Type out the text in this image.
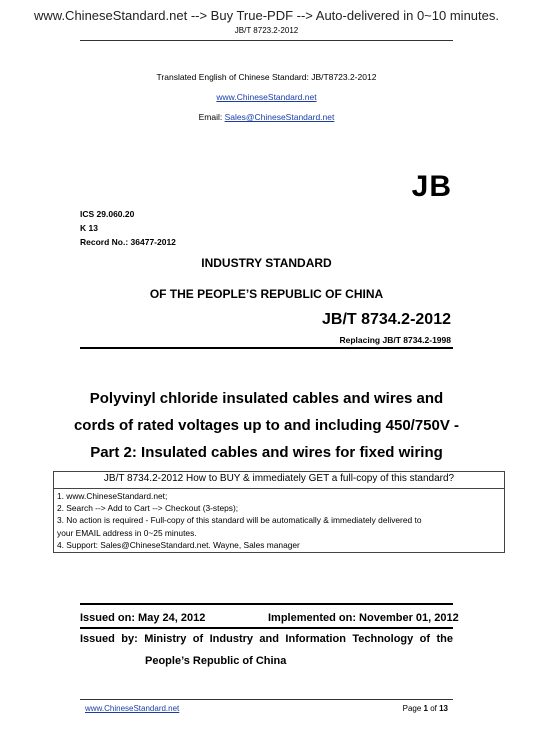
www.ChineseStandard.net --> Buy True-PDF --> Auto-delivered in 0~10 minutes.
JB/T 8723.2-2012
Translated English of Chinese Standard: JB/T8723.2-2012
www.ChineseStandard.net
Email: Sales@ChineseStandard.net
JB
ICS 29.060.20
K 13
Record No.: 36477-2012
INDUSTRY STANDARD
OF THE PEOPLE’S REPUBLIC OF CHINA
JB/T 8734.2-2012
Replacing JB/T 8734.2-1998
Polyvinyl chloride insulated cables and wires and
cords of rated voltages up to and including 450/750V -
Part 2: Insulated cables and wires for fixed wiring
JB/T 8734.2-2012 How to BUY & immediately GET a full-copy of this standard?
1. www.ChineseStandard.net;
2. Search --> Add to Cart --> Checkout (3-steps);
3. No action is required - Full-copy of this standard will be automatically & immediately delivered to
your EMAIL address in 0~25 minutes.
4. Support: Sales@ChineseStandard.net. Wayne, Sales manager
Issued on: May 24, 2012	Implemented on: November 01, 2012
Issued by: Ministry of Industry and Information Technology of the
People’s Republic of China
www.ChineseStandard.net	Page 1 of 13
